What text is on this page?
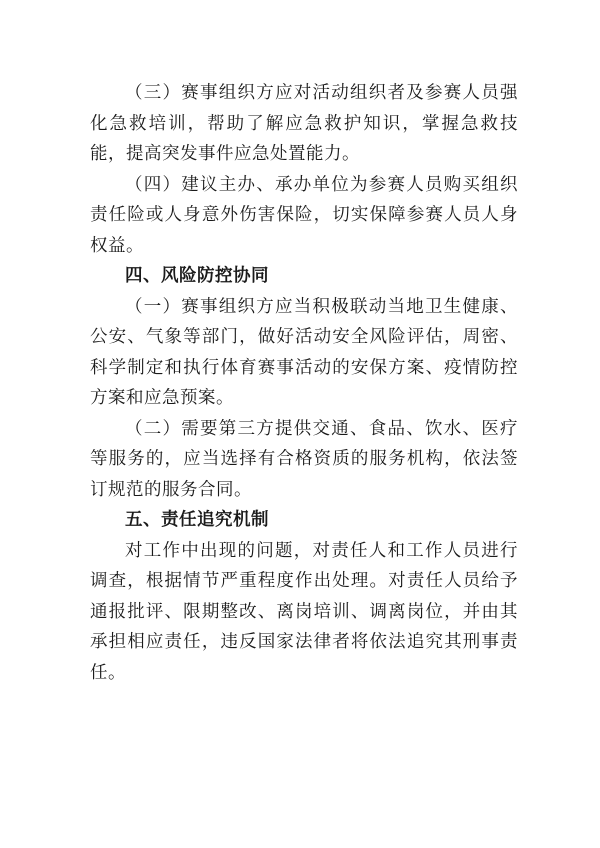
（三）赛事组织方应对活动组织者及参赛人员强化急救培训，帮助了解应急救护知识，掌握急救技能，提高突发事件应急处置能力。

（四）建议主办、承办单位为参赛人员购买组织责任险或人身意外伤害保险，切实保障参赛人员人身权益。

四、风险防控协同

（一）赛事组织方应当积极联动当地卫生健康、公安、气象等部门，做好活动安全风险评估，周密、科学制定和执行体育赛事活动的安保方案、疫情防控方案和应急预案。

（二）需要第三方提供交通、食品、饮水、医疗等服务的，应当选择有合格资质的服务机构，依法签订规范的服务合同。

五、责任追究机制

对工作中出现的问题，对责任人和工作人员进行调查，根据情节严重程度作出处理。对责任人员给予通报批评、限期整改、离岗培训、调离岗位，并由其承担相应责任，违反国家法律者将依法追究其刑事责任。
